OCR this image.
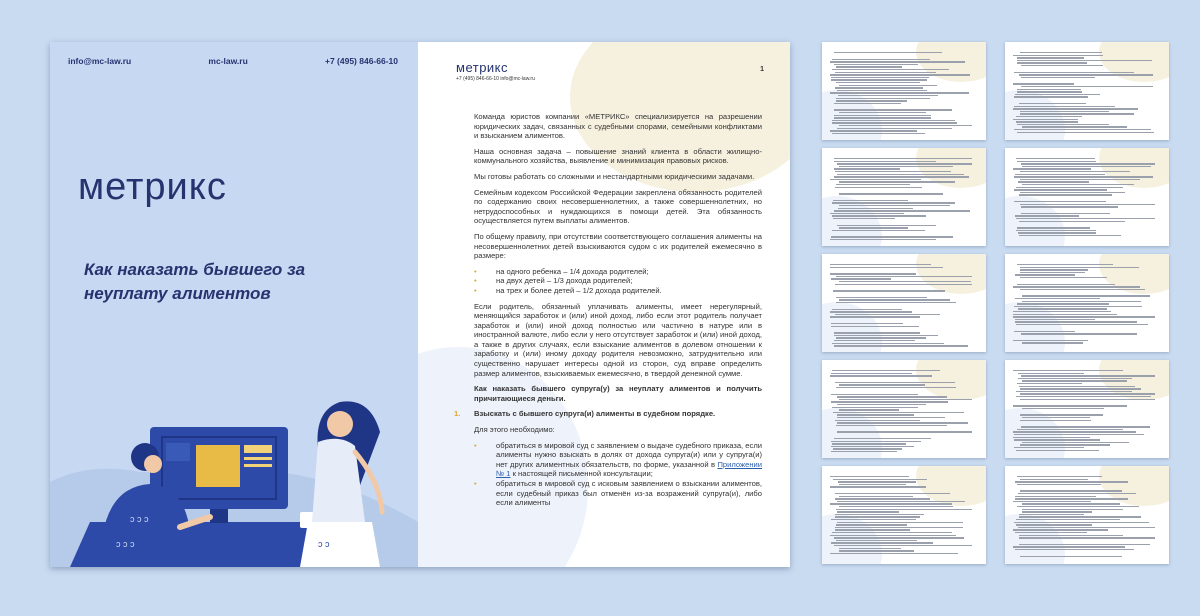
info@mc-law.ru	mc-law.ru	+7 (495) 846-66-10
метрикс
Как наказать бывшего за неуплату алиментов
ↄ ↄ ɔ
ɔ ↄ ɔ	ɔ ↄ
метрикс
+7 (495) 846-66-10 info@mc-law.ru
1

Команда юристов компании «МЕТРИКС» специализируется на разрешении юридических задач, связанных с судебными спорами, семейными конфликтами и взысканием алиментов.

Наша основная задача – повышение знаний клиента в области жилищно-коммунального хозяйства, выявление и минимизация правовых рисков.

Мы готовы работать со сложными и нестандартными юридическими задачами.

Семейным кодексом Российской Федерации закреплена обязанность родителей по содержанию своих несовершеннолетних, а также совершеннолетних, но нетрудоспособных и нуждающихся в помощи детей. Эта обязанность осуществляется путем выплаты алиментов.

По общему правилу, при отсутствии соответствующего соглашения алименты на несовершеннолетних детей взыскиваются судом с их родителей ежемесячно в размере:

• на одного ребенка – 1/4 дохода родителей;
• на двух детей – 1/3 дохода родителей;
• на трех и более детей – 1/2 дохода родителей.

Если родитель, обязанный уплачивать алименты, имеет нерегулярный, меняющийся заработок и (или) иной доход, либо если этот родитель получает заработок и (или) иной доход полностью или частично в натуре или в иностранной валюте, либо если у него отсутствует заработок и (или) иной доход, а также в других случаях, если взыскание алиментов в долевом отношении к заработку и (или) иному доходу родителя невозможно, затруднительно или существенно нарушает интересы одной из сторон, суд вправе определить размер алиментов, взыскиваемых ежемесячно, в твердой денежной сумме.

Как наказать бывшего супруга(у) за неуплату алиментов и получить причитающиеся деньги.

1. Взыскать с бывшего супруга(и) алименты в судебном порядке.

Для этого необходимо:

• обратиться в мировой суд с заявлением о выдаче судебного приказа, если алименты нужно взыскать в долях от дохода супруга(и) или у супруга(и) нет других алиментных обязательств, по форме, указанной в Приложении № 1 к настоящей письменной консультации;
• обратиться в мировой суд с исковым заявлением о взыскании алиментов, если судебный приказ был отменён из-за возражений супруга(и), либо если алименты
